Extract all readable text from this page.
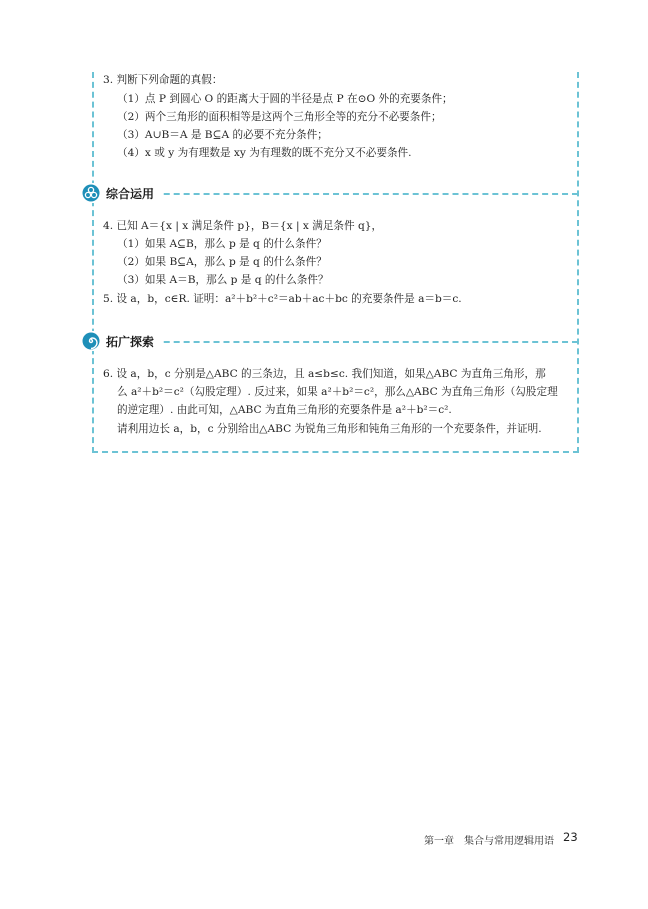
3. 判断下列命题的真假：
（1）点 P 到圆心 O 的距离大于圆的半径是点 P 在⊙O 外的充要条件；
（2）两个三角形的面积相等是这两个三角形全等的充分不必要条件；
（3）A∪B＝A 是 B⊆A 的必要不充分条件；
（4）x 或 y 为有理数是 xy 为有理数的既不充分又不必要条件.
综合运用
4. 已知 A＝{x | x 满足条件 p}，B＝{x | x 满足条件 q}，
（1）如果 A⊆B，那么 p 是 q 的什么条件？
（2）如果 B⊆A，那么 p 是 q 的什么条件？
（3）如果 A＝B，那么 p 是 q 的什么条件？
5. 设 a，b，c∈R. 证明：a²＋b²＋c²＝ab＋ac＋bc 的充要条件是 a＝b＝c.
拓广探索
6. 设 a，b，c 分别是△ABC 的三条边，且 a≤b≤c. 我们知道，如果△ABC 为直角三角形，那
么 a²＋b²＝c²（勾股定理）. 反过来，如果 a²＋b²＝c²，那么△ABC 为直角三角形（勾股定理
的逆定理）. 由此可知，△ABC 为直角三角形的充要条件是 a²＋b²＝c².
请利用边长 a，b，c 分别给出△ABC 为锐角三角形和钝角三角形的一个充要条件，并证明.
第一章　集合与常用逻辑用语 23
